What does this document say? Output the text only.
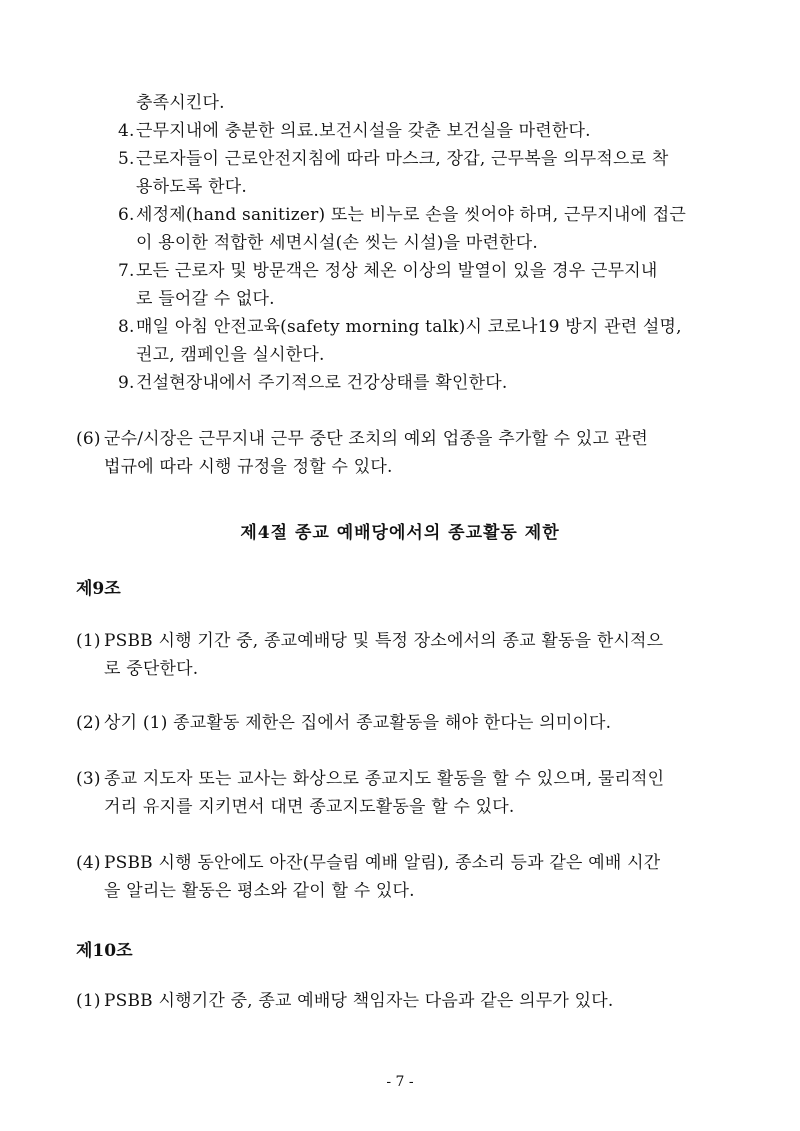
충족시킨다.
4. 근무지내에 충분한 의료.보건시설을 갖춘 보건실을 마련한다.
5. 근로자들이 근로안전지침에 따라 마스크, 장갑, 근무복을 의무적으로 착
용하도록 한다.
6. 세정제(hand sanitizer) 또는 비누로 손을 씻어야 하며, 근무지내에 접근
이 용이한 적합한 세면시설(손 씻는 시설)을 마련한다.
7. 모든 근로자 및 방문객은 정상 체온 이상의 발열이 있을 경우 근무지내
로 들어갈 수 없다.
8. 매일 아침 안전교육(safety morning talk)시 코로나19 방지 관련 설명,
권고, 캠페인을 실시한다.
9. 건설현장내에서 주기적으로 건강상태를 확인한다.
(6) 군수/시장은 근무지내 근무 중단 조치의 예외 업종을 추가할 수 있고 관련
법규에 따라 시행 규정을 정할 수 있다.
제4절 종교 예배당에서의 종교활동 제한
제9조
(1) PSBB 시행 기간 중, 종교예배당 및 특정 장소에서의 종교 활동을 한시적으
로 중단한다.
(2) 상기 (1) 종교활동 제한은 집에서 종교활동을 해야 한다는 의미이다.
(3) 종교 지도자 또는 교사는 화상으로 종교지도 활동을 할 수 있으며, 물리적인
거리 유지를 지키면서 대면 종교지도활동을 할 수 있다.
(4) PSBB 시행 동안에도 아잔(무슬림 예배 알림), 종소리 등과 같은 예배 시간
을 알리는 활동은 평소와 같이 할 수 있다.
제10조
(1) PSBB 시행기간 중, 종교 예배당 책임자는 다음과 같은 의무가 있다.
- 7 -
